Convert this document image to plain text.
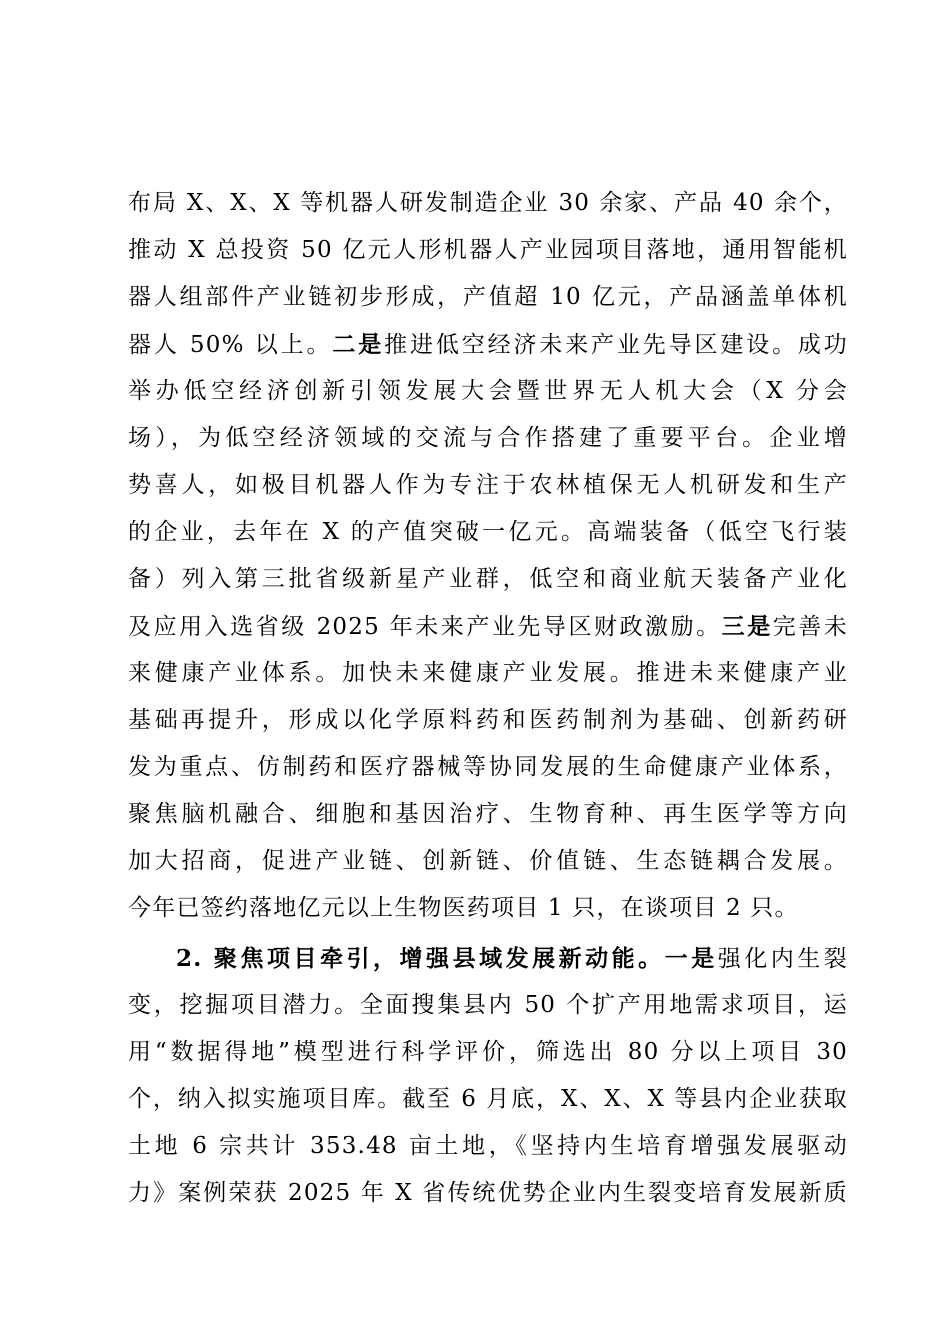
布局 X、X、X 等机器人研发制造企业 30 余家、产品 40 余个，
推动 X 总投资 50 亿元人形机器人产业园项目落地，通用智能机
器人组部件产业链初步形成，产值超 10 亿元，产品涵盖单体机
器人 50% 以上。二是推进低空经济未来产业先导区建设。成功
举办低空经济创新引领发展大会暨世界无人机大会（X 分会
场），为低空经济领域的交流与合作搭建了重要平台。企业增
势喜人，如极目机器人作为专注于农林植保无人机研发和生产
的企业，去年在 X 的产值突破一亿元。高端装备（低空飞行装
备）列入第三批省级新星产业群，低空和商业航天装备产业化
及应用入选省级 2025 年未来产业先导区财政激励。三是完善未
来健康产业体系。加快未来健康产业发展。推进未来健康产业
基础再提升，形成以化学原料药和医药制剂为基础、创新药研
发为重点、仿制药和医疗器械等协同发展的生命健康产业体系，
聚焦脑机融合、细胞和基因治疗、生物育种、再生医学等方向
加大招商，促进产业链、创新链、价值链、生态链耦合发展。
今年已签约落地亿元以上生物医药项目 1 只，在谈项目 2 只。
2. 聚焦项目牵引，增强县域发展新动能。一是强化内生裂
变，挖掘项目潜力。全面搜集县内 50 个扩产用地需求项目，运
用“数据得地”模型进行科学评价，筛选出 80 分以上项目 30
个，纳入拟实施项目库。截至 6 月底，X、X、X 等县内企业获取
土地 6 宗共计 353.48 亩土地，《坚持内生培育增强发展驱动
力》案例荣获 2025 年 X 省传统优势企业内生裂变培育发展新质
